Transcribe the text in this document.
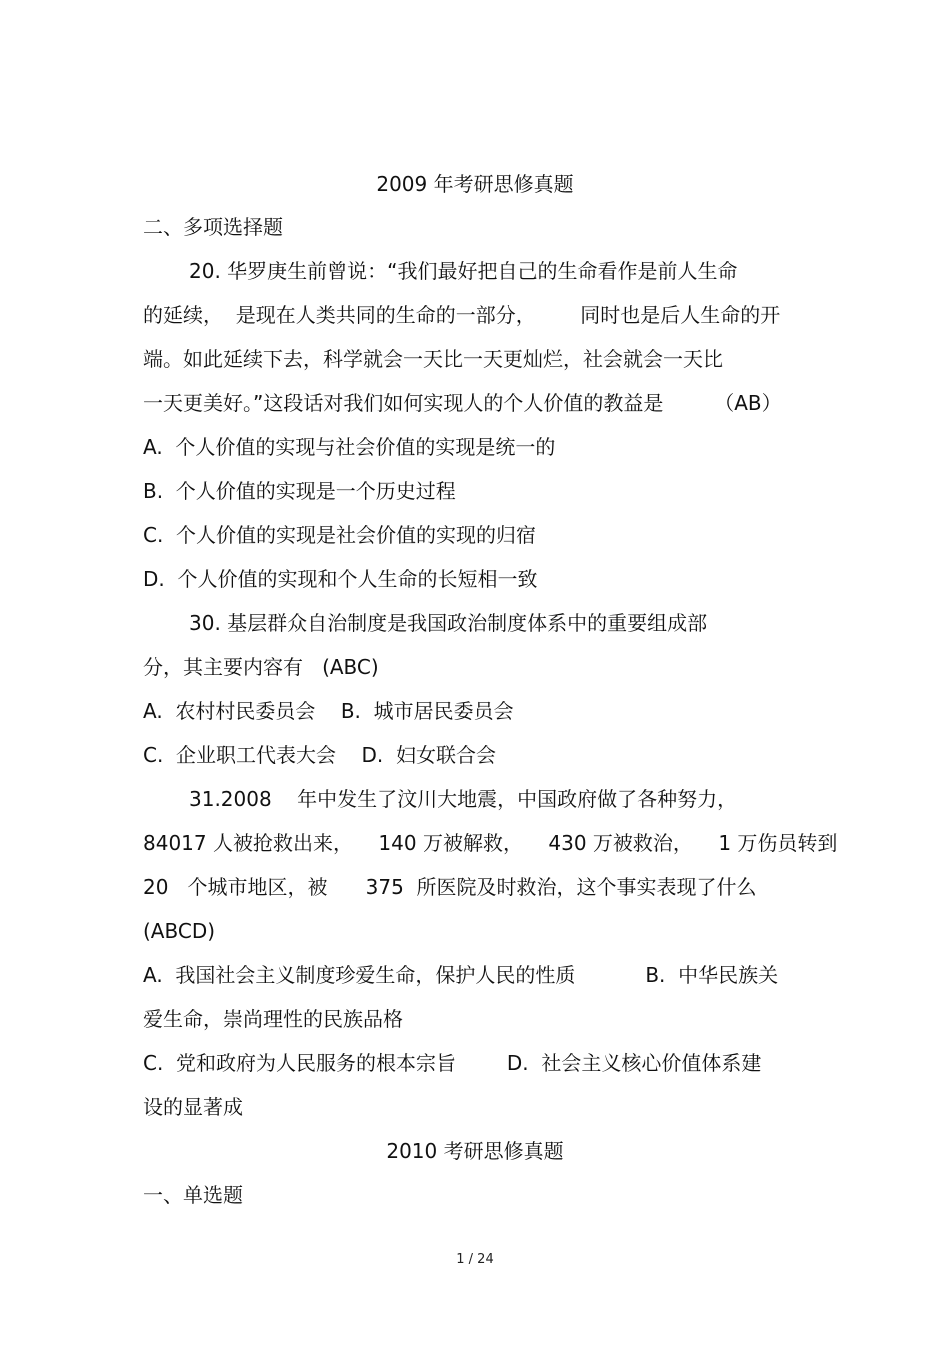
2009 年考研思修真题
二、多项选择题
20. 华罗庚生前曾说：“我们最好把自己的生命看作是前人生命
的延续，  是现在人类共同的生命的一部分，       同时也是后人生命的开
端。如此延续下去，科学就会一天比一天更灿烂，社会就会一天比
一天更美好。”这段话对我们如何实现人的个人价值的教益是        （AB）
A.  个人价值的实现与社会价值的实现是统一的
B.  个人价值的实现是一个历史过程
C.  个人价值的实现是社会价值的实现的归宿
D.  个人价值的实现和个人生命的长短相一致
30. 基层群众自治制度是我国政治制度体系中的重要组成部
分，其主要内容有   (ABC)
A.  农村村民委员会    B.  城市居民委员会
C.  企业职工代表大会    D.  妇女联合会
31.2008    年中发生了汶川大地震，中国政府做了各种努力，
84017 人被抢救出来，    140 万被解救，    430 万被救治，    1 万伤员转到
20   个城市地区，被      375  所医院及时救治，这个事实表现了什么
(ABCD)
A.  我国社会主义制度珍爱生命，保护人民的性质           B.  中华民族关
爱生命，崇尚理性的民族品格
C.  党和政府为人民服务的根本宗旨        D.  社会主义核心价值体系建
设的显著成
2010 考研思修真题
一、单选题
1 / 24
